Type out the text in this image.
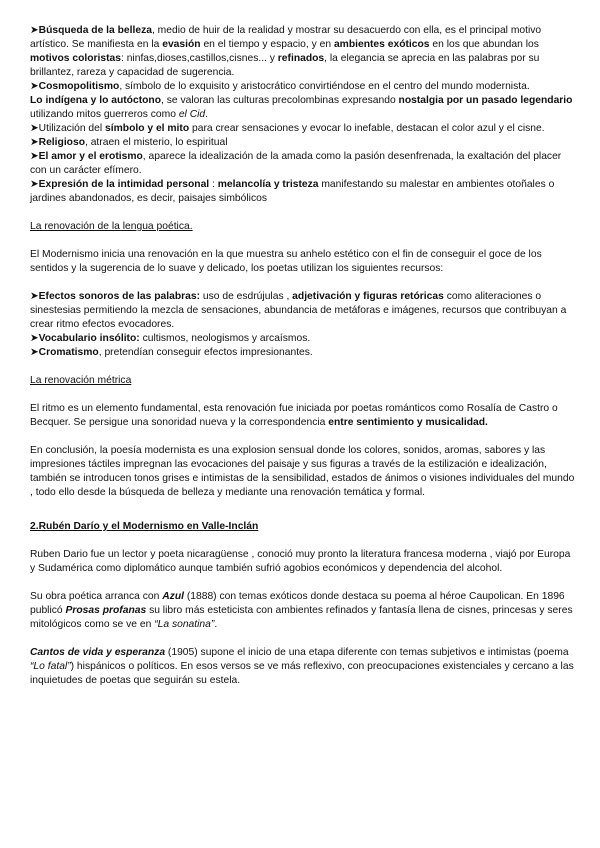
➤Búsqueda de la belleza, medio de huir de la realidad y mostrar su desacuerdo con ella, es el principal motivo artístico. Se manifiesta en la evasión en el tiempo y espacio, y en ambientes exóticos en los que abundan los motivos coloristas: ninfas,dioses,castillos,cisnes... y refinados, la elegancia se aprecia en las palabras por su brillantez, rareza y capacidad de sugerencia.

➤Cosmopolitismo, símbolo de lo exquisito y aristocrático convirtiéndose en el centro del mundo modernista.

Lo indígena y lo autóctono, se valoran las culturas precolombinas expresando nostalgia por un pasado legendario utilizando mitos guerreros como el Cid.

➤Utilización del símbolo y el mito para crear sensaciones y evocar lo inefable, destacan el color azul y el cisne.

➤Religioso, atraen el misterio, lo espiritual

➤El amor y el erotismo, aparece la idealización de la amada como la pasión desenfrenada, la exaltación del placer con un carácter efímero.

➤Expresión de la intimidad personal : melancolía y tristeza manifestando su malestar en ambientes otoñales o jardines abandonados, es decir, paisajes simbólicos

La renovación de la lengua poética.

El Modernismo inicia una renovación en la que muestra su anhelo estético con el fin de conseguir el goce de los sentidos y la sugerencia de lo suave y delicado, los poetas utilizan los siguientes recursos:

➤Efectos sonoros de las palabras: uso de esdrújulas , adjetivación y figuras retóricas como aliteraciones o sinestesias permitiendo la mezcla de sensaciones, abundancia de metáforas e imágenes, recursos que contribuyan a crear ritmo efectos evocadores.

➤Vocabulario insólito: cultismos, neologismos y arcaísmos.

➤Cromatismo, pretendían conseguir efectos impresionantes.

La renovación métrica

El ritmo es un elemento fundamental, esta renovación fue iniciada por poetas románticos como Rosalía de Castro o Becquer. Se persigue una sonoridad nueva y la correspondencia entre sentimiento y musicalidad.

En conclusión, la poesía modernista es una explosion sensual donde los colores, sonidos, aromas, sabores y las impresiones táctiles impregnan las evocaciones del paisaje y sus figuras a través de la estilización e idealización, también se introducen tonos grises e intimistas de la sensibilidad, estados de ánimos o visiones individuales del mundo , todo ello desde la búsqueda de belleza y mediante una renovación temática y formal.

2.Rubén Darío y el Modernismo en Valle-Inclán

Ruben Dario fue un lector y poeta nicaragüense , conoció muy pronto la literatura francesa moderna , viajó por Europa y Sudamérica como diplomático aunque también sufrió agobios económicos y dependencia del alcohol.

Su obra poética arranca con Azul (1888) con temas exóticos donde destaca su poema al héroe Caupolican. En 1896 publicó Prosas profanas su libro más esteticista con ambientes refinados y fantasía llena de cisnes, princesas y seres mitológicos como se ve en “La sonatina”.

Cantos de vida y esperanza (1905) supone el inicio de una etapa diferente con temas subjetivos e intimistas (poema “Lo fatal”) hispánicos o políticos. En esos versos se ve más reflexivo, con preocupaciones existenciales y cercano a las inquietudes de poetas que seguirán su estela.
